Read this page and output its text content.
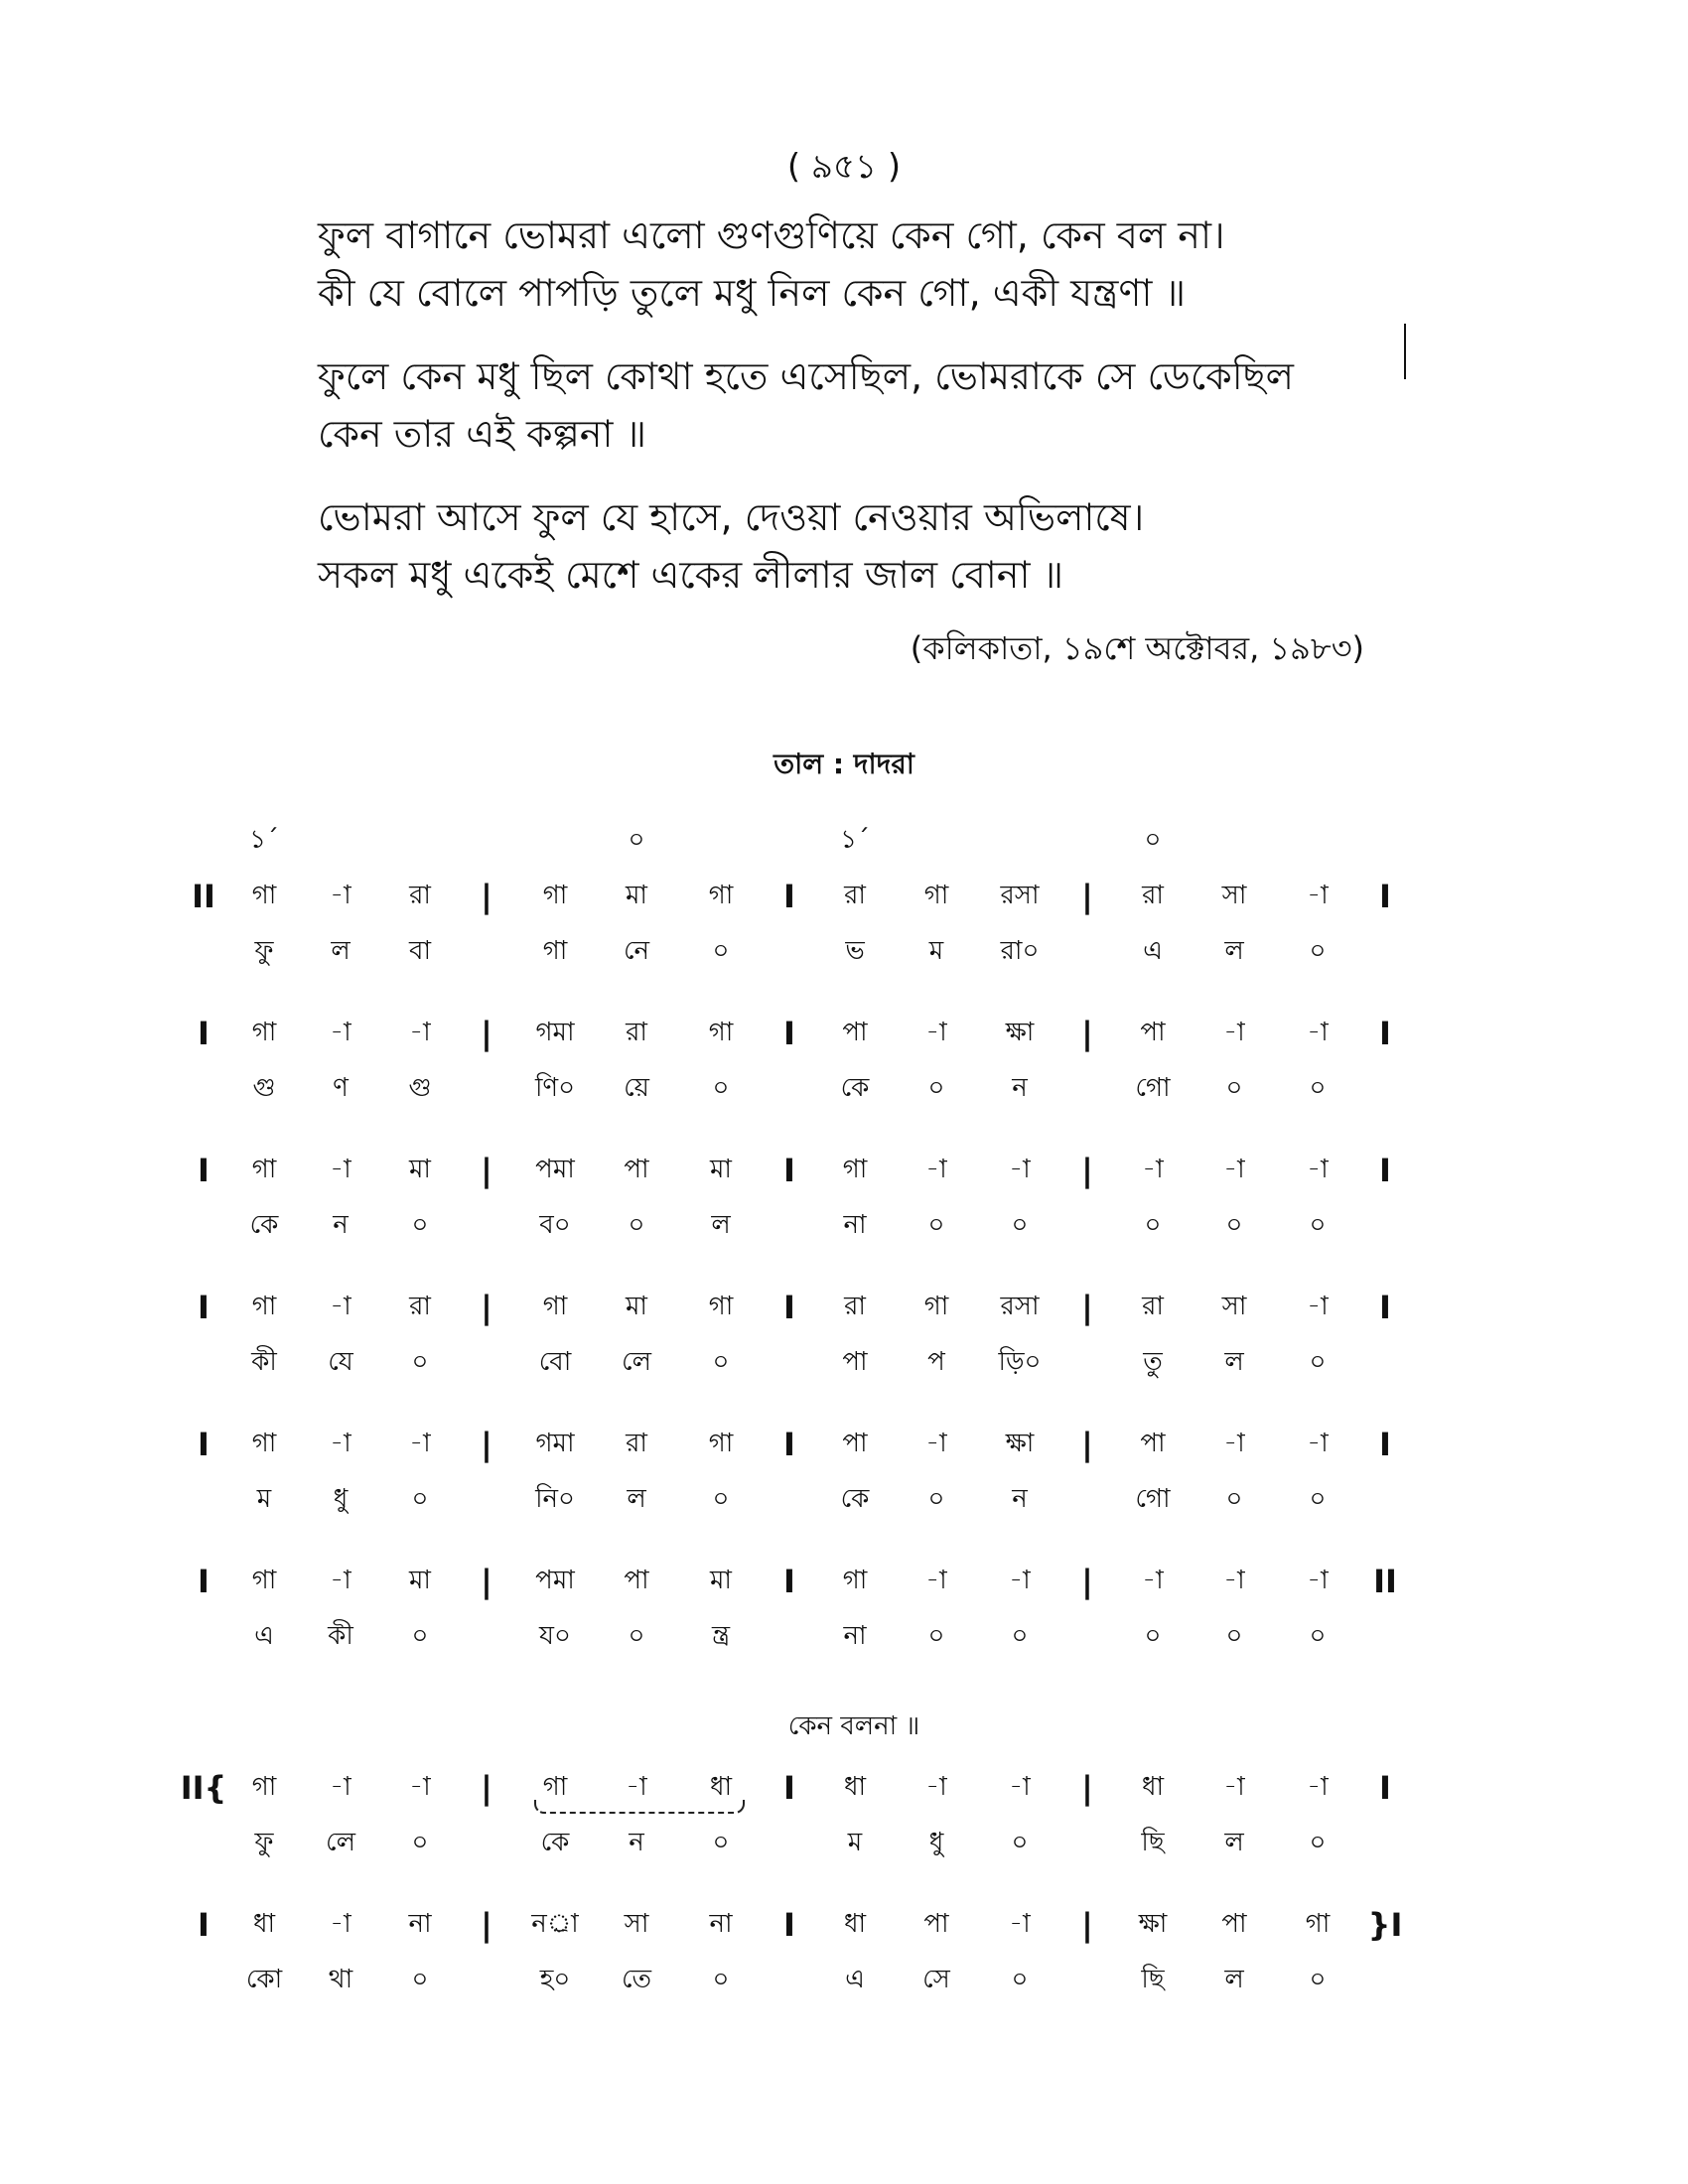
( ৯৫১ )
ফুল বাগানে ভোমরা এলো গুণগুণিয়ে কেন গো, কেন বল না।
কী যে বোলে পাপড়ি তুলে মধু নিল কেন গো, একী যন্ত্রণা ॥
ফুলে কেন মধু ছিল কোথা হতে এসেছিল, ভোমরাকে সে ডেকেছিল
কেন তার এই কল্পনা ॥
ভোমরা আসে ফুল যে হাসে, দেওয়া নেওয়ার অভিলাষে।
সকল মধু একেই মেশে একের লীলার জাল বোনা ॥
(কলিকাতা, ১৯শে অক্টোবর, ১৯৮৩)
তাল : দাদরা
১´	০	১´	০
II	গা	-া	রা	|	গা	মা	গা	I	রা	গা	রসা	|	রা	সা	-া	I
ফু	ল	বা	গা	নে	০	ভ	ম	রা০	এ	ল	০
I	গা	-া	-া	|	গমা	রা	গা	I	পা	-া	ক্ষা	|	পা	-া	-া	I
গু	ণ	গু	ণি০	য়ে	০	কে	০	ন	গো	০	০
I	গা	-া	মা	|	পমা	পা	মা	I	গা	-া	-া	|	-া	-া	-া	I
কে	ন	০	ব০	০	ল	না	০	০	০	০	০
I	গা	-া	রা	|	গা	মা	গা	I	রা	গা	রসা	|	রা	সা	-া	I
কী	যে	০	বো	লে	০	পা	প	ড়ি০	তু	ল	০
I	গা	-া	-া	|	গমা	রা	গা	I	পা	-া	ক্ষা	|	পা	-া	-া	I
ম	ধু	০	নি০	ল	০	কে	০	ন	গো	০	০
I	গা	-া	মা	|	পমা	পা	মা	I	গা	-া	-া	|	-া	-া	-া	II
এ	কী	০	য০	০	ন্ত্র	না	০	০	০	০	০
কেন বলনা ॥
II{ গা	-া	-া	|	গা	-া	ধা	I	ধা	-া	-া	|	ধা	-া	-া	I
ফু	লে	০	কে	ন	০	ম	ধু	০	ছি	ল	০
I	ধা	-া	না	|	নর্া	সা	না	I	ধা	পা	-া	|	ক্ষা	পা	গা	}I
কো	থা	০	হ০	তে	০	এ	সে	০	ছি	ল	০
